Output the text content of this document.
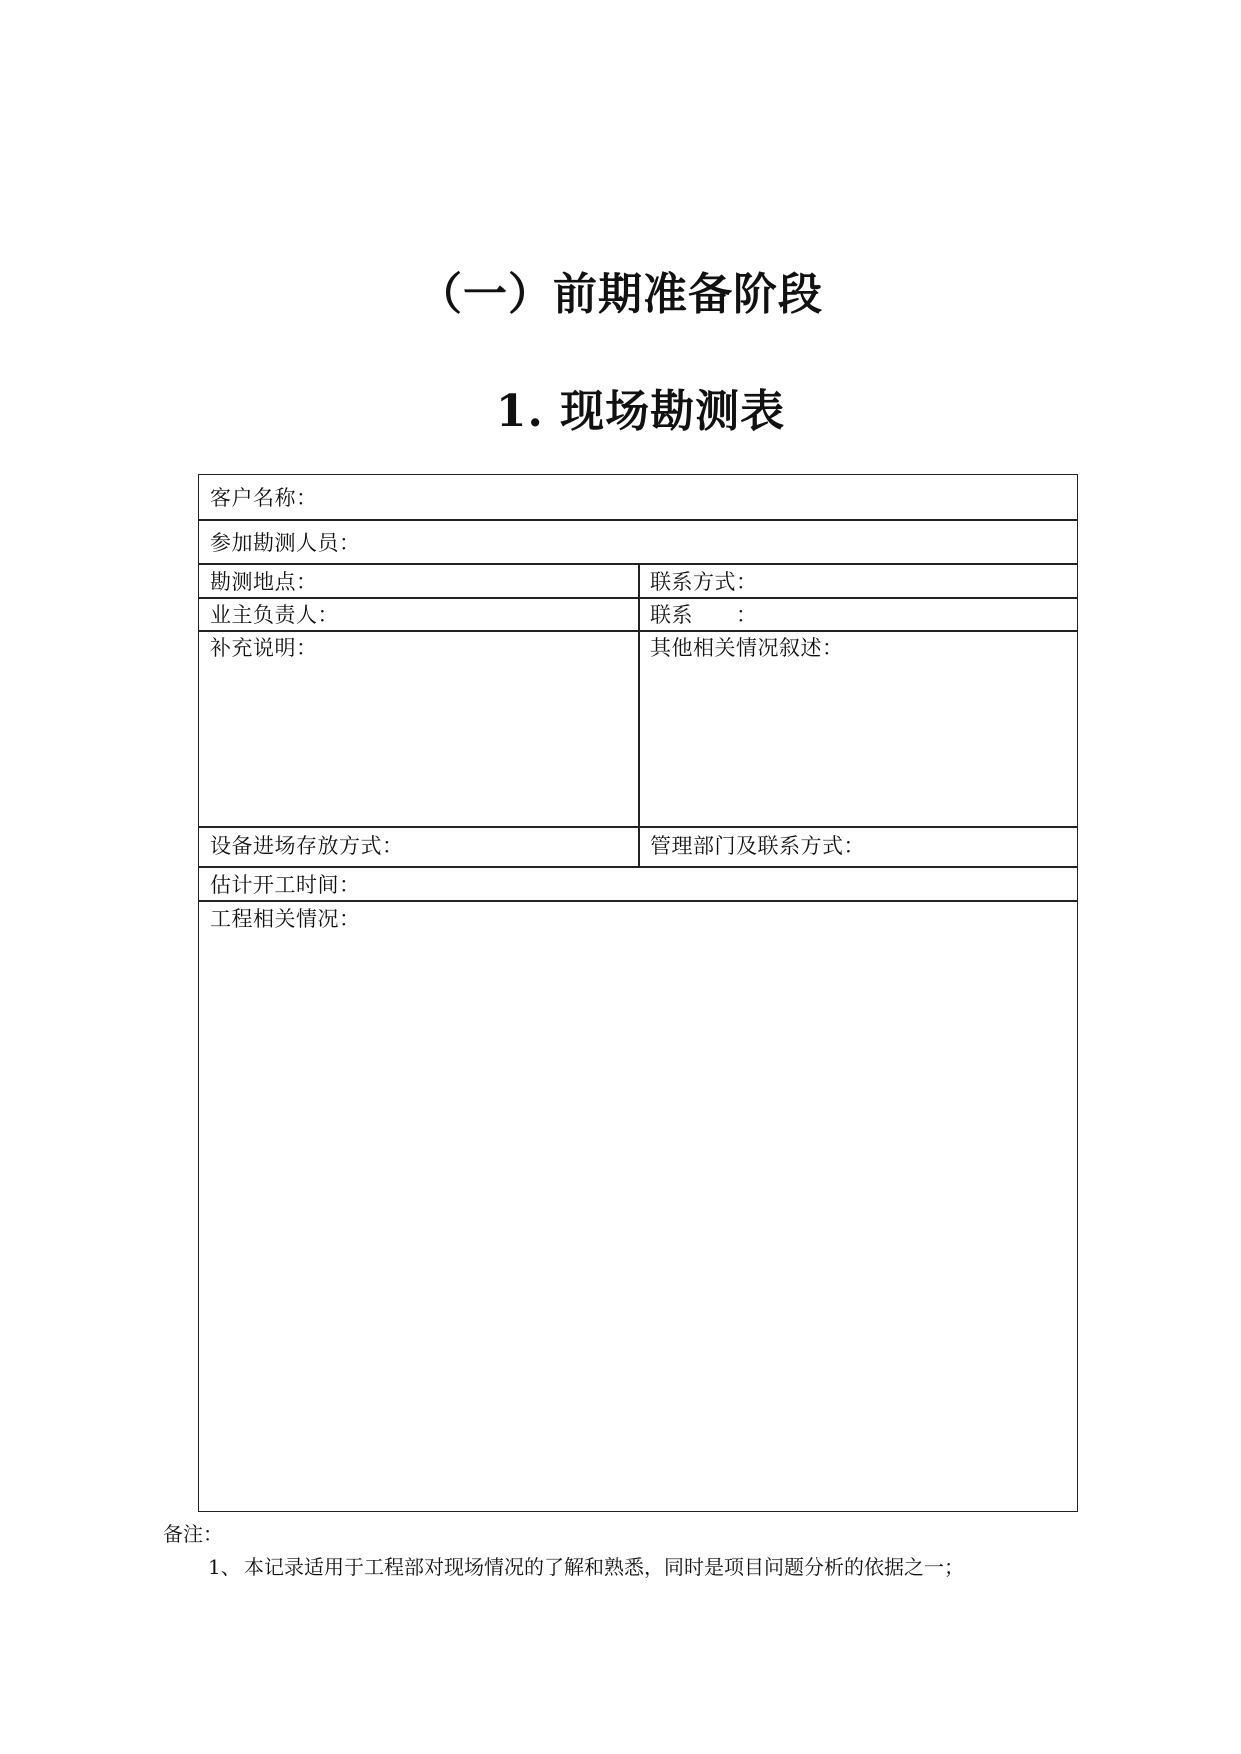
（一）前期准备阶段
1. 现场勘测表
客户名称：
参加勘测人员：
勘测地点：	联系方式：
业主负责人：	联系　　：
补充说明：	其他相关情况叙述：
设备进场存放方式：	管理部门及联系方式：
估计开工时间：
工程相关情况：
备注：
1、 本记录适用于工程部对现场情况的了解和熟悉，同时是项目问题分析的依据之一；
